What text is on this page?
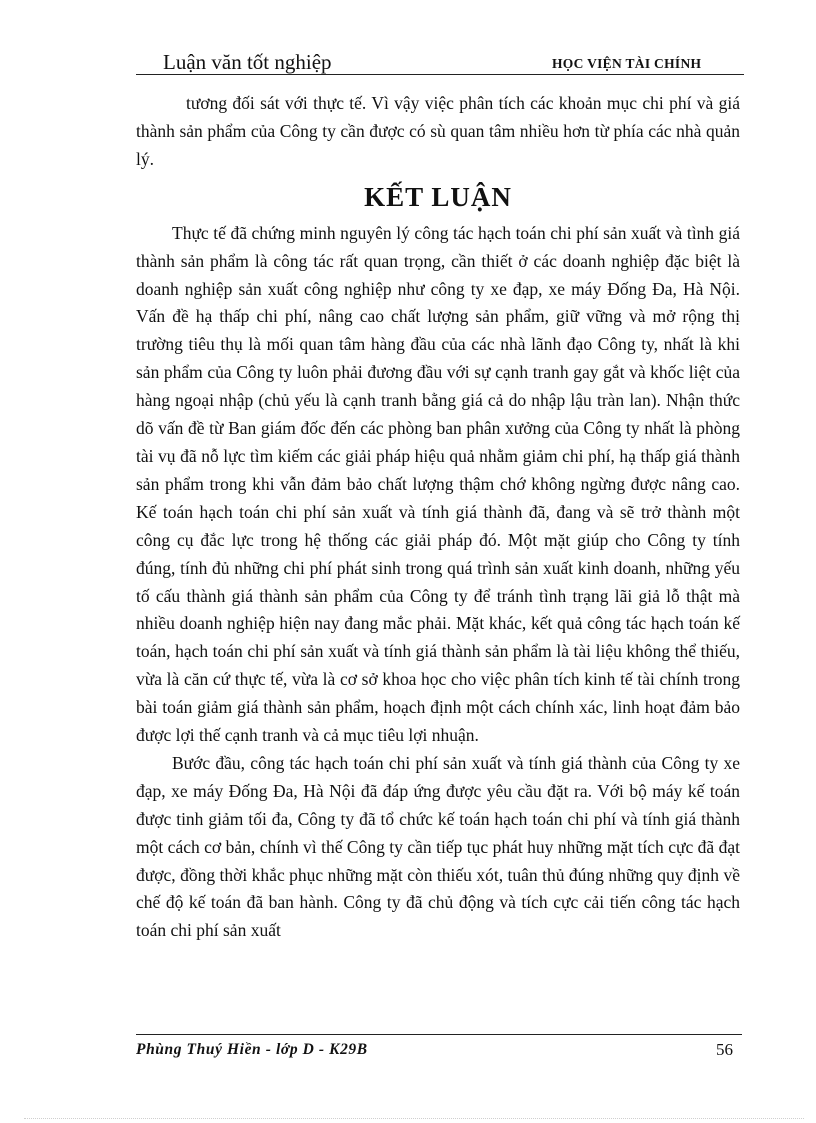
Luận văn tốt nghiệp	HỌC VIỆN TÀI CHÍNH

tương đối sát với thực tế. Vì vậy việc phân tích các khoản mục chi phí và giá thành sản phẩm của Công ty cần được có sù quan tâm nhiều hơn từ phía các nhà quản lý.

KẾT LUẬN

Thực tế đã chứng minh nguyên lý công tác hạch toán chi phí sản xuất và tình giá thành sản phẩm là công tác rất quan trọng, cần thiết ở các doanh nghiệp đặc biệt là doanh nghiệp sản xuất công nghiệp như công ty xe đạp, xe máy Đống Đa, Hà Nội. Vấn đề hạ thấp chi phí, nâng cao chất lượng sản phẩm, giữ vững và mở rộng thị trường tiêu thụ là mối quan tâm hàng đầu của các nhà lãnh đạo Công ty, nhất là khi sản phẩm của Công ty luôn phải đương đầu với sự cạnh tranh gay gắt và khốc liệt của hàng ngoại nhập (chủ yếu là cạnh tranh bằng giá cả do nhập lậu tràn lan). Nhận thức dõ vấn đề từ Ban giám đốc đến các phòng ban phân xưởng của Công ty nhất là phòng tài vụ đã nỗ lực tìm kiếm các giải pháp hiệu quả nhằm giảm chi phí, hạ thấp giá thành sản phẩm trong khi vẫn đảm bảo chất lượng thậm chớ không ngừng được nâng cao. Kế toán hạch toán chi phí sản xuất và tính giá thành đã, đang và sẽ trở thành một công cụ đắc lực trong hệ thống các giải pháp đó. Một mặt giúp cho Công ty tính đúng, tính đủ những chi phí phát sinh trong quá trình sản xuất kinh doanh, những yếu tố cấu thành giá thành sản phẩm của Công ty để tránh tình trạng lãi giả lỗ thật mà nhiều doanh nghiệp hiện nay đang mắc phải. Mặt khác, kết quả công tác hạch toán kế toán, hạch toán chi phí sản xuất và tính giá thành sản phẩm là tài liệu không thể thiếu, vừa là căn cứ thực tế, vừa là cơ sở khoa học cho việc phân tích kinh tế tài chính trong bài toán giảm giá thành sản phẩm, hoạch định một cách chính xác, linh hoạt đảm bảo được lợi thế cạnh tranh và cả mục tiêu lợi nhuận.

Bước đầu, công tác hạch toán chi phí sản xuất và tính giá thành của Công ty xe đạp, xe máy Đống Đa, Hà Nội đã đáp ứng được yêu cầu đặt ra. Với bộ máy kế toán được tinh giảm tối đa, Công ty đã tổ chức kế toán hạch toán chi phí và tính giá thành một cách cơ bản, chính vì thế Công ty cần tiếp tục phát huy những mặt tích cực đã đạt được, đồng thời khắc phục những mặt còn thiếu xót, tuân thủ đúng những quy định về chế độ kế toán đã ban hành. Công ty đã chủ động và tích cực cải tiến công tác hạch toán chi phí sản xuất

Phùng Thuý Hiền - lớp D - K29B	56
